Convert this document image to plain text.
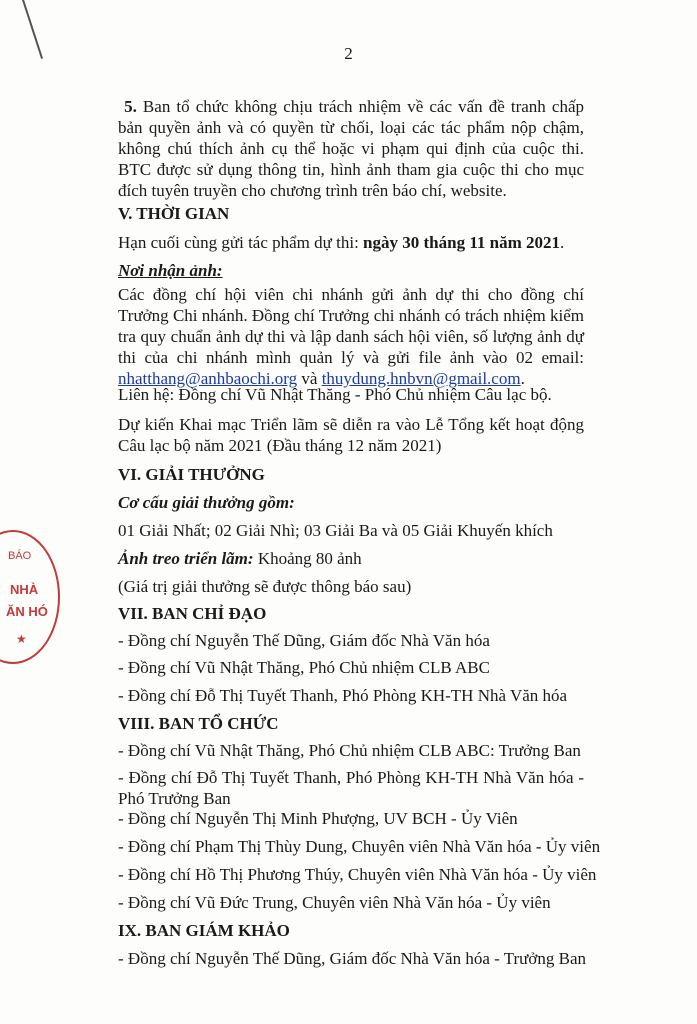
2
BÁO
NHÀ
ĂN HÓ
★
5. Ban tổ chức không chịu trách nhiệm về các vấn đề tranh chấp bản quyền ảnh và có quyền từ chối, loại các tác phẩm nộp chậm, không chú thích ảnh cụ thể hoặc vi phạm qui định của cuộc thi. BTC được sử dụng thông tin, hình ảnh tham gia cuộc thi cho mục đích tuyên truyền cho chương trình trên báo chí, website.
V. THỜI GIAN
Hạn cuối cùng gửi tác phẩm dự thi: ngày 30 tháng 11 năm 2021.
Nơi nhận ảnh:
Các đồng chí hội viên chi nhánh gửi ảnh dự thi cho đồng chí Trưởng Chi nhánh. Đồng chí Trưởng chi nhánh có trách nhiệm kiểm tra quy chuẩn ảnh dự thi và lập danh sách hội viên, số lượng ảnh dự thi của chi nhánh mình quản lý và gửi file ảnh vào 02 email: nhatthang@anhbaochi.org và thuydung.hnbvn@gmail.com.
Liên hệ: Đồng chí Vũ Nhật Thăng - Phó Chủ nhiệm Câu lạc bộ.
Dự kiến Khai mạc Triển lãm sẽ diễn ra vào Lễ Tổng kết hoạt động Câu lạc bộ năm 2021 (Đầu tháng 12 năm 2021)
VI. GIẢI THƯỞNG
Cơ cấu giải thưởng gồm:
01 Giải Nhất; 02 Giải Nhì; 03 Giải Ba và 05 Giải Khuyến khích
Ảnh treo triển lãm: Khoảng 80 ảnh
(Giá trị giải thưởng sẽ được thông báo sau)
VII. BAN CHỈ ĐẠO
- Đồng chí Nguyễn Thế Dũng, Giám đốc Nhà Văn hóa
- Đồng chí Vũ Nhật Thăng, Phó Chủ nhiệm CLB ABC
- Đồng chí Đỗ Thị Tuyết Thanh, Phó Phòng KH-TH Nhà Văn hóa
VIII. BAN TỔ CHỨC
- Đồng chí Vũ Nhật Thăng, Phó Chủ nhiệm CLB ABC: Trưởng Ban
- Đồng chí Đỗ Thị Tuyết Thanh, Phó Phòng KH-TH Nhà Văn hóa - Phó Trưởng Ban
- Đồng chí Nguyễn Thị Minh Phượng, UV BCH - Ủy Viên
- Đồng chí Phạm Thị Thùy Dung, Chuyên viên Nhà Văn hóa - Ủy viên
- Đồng chí Hồ Thị Phương Thúy, Chuyên viên Nhà Văn hóa - Ủy viên
- Đồng chí Vũ Đức Trung, Chuyên viên Nhà Văn hóa - Ủy viên
IX. BAN GIÁM KHẢO
- Đồng chí Nguyễn Thế Dũng, Giám đốc Nhà Văn hóa - Trưởng Ban
